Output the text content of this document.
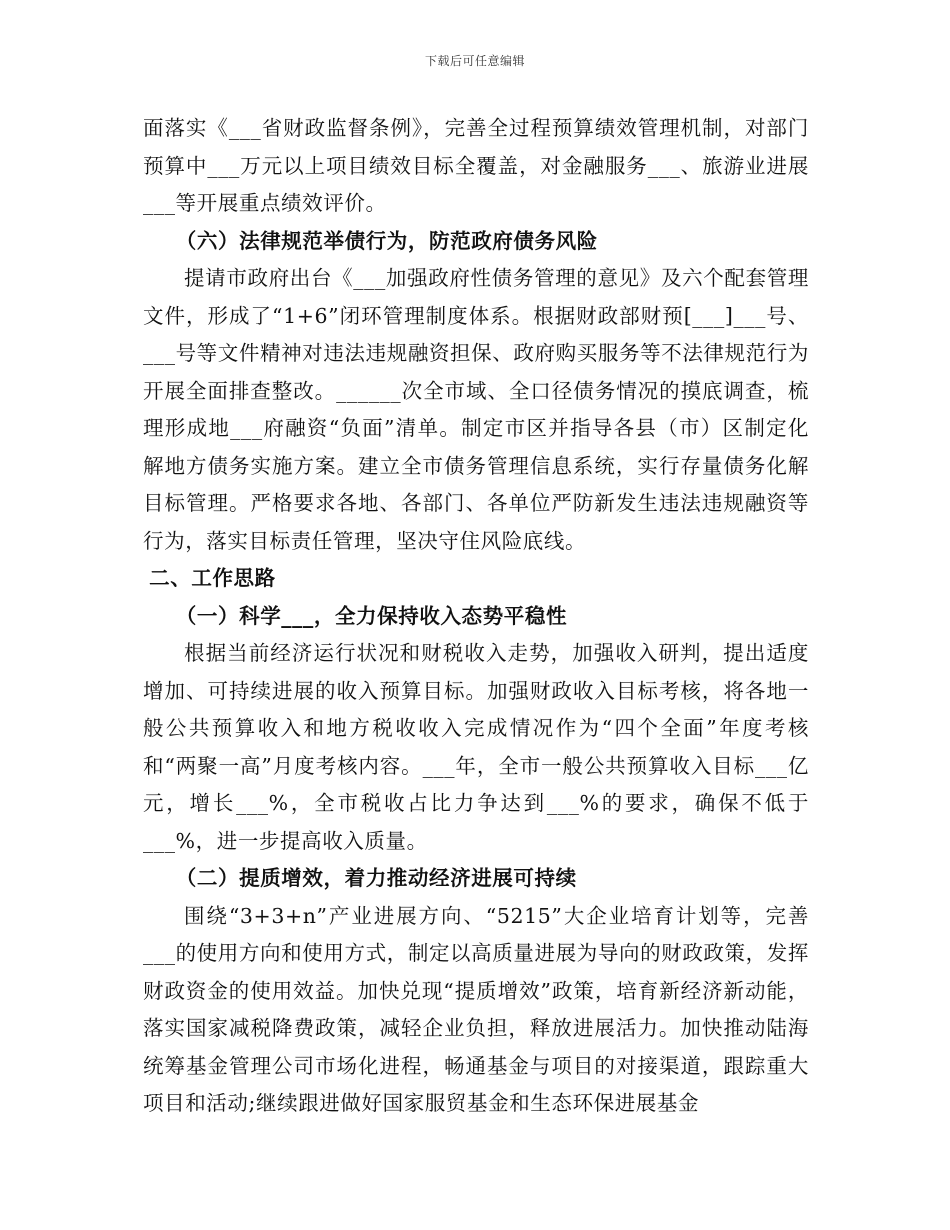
下载后可任意编辑

面落实《___省财政监督条例》，完善全过程预算绩效管理机制，对部门预算中___万元以上项目绩效目标全覆盖，对金融服务___、旅游业进展___等开展重点绩效评价。

（六）法律规范举债行为，防范政府债务风险

提请市政府出台《___加强政府性债务管理的意见》及六个配套管理文件，形成了“1+6”闭环管理制度体系。根据财政部财预[___]___号、___号等文件精神对违法违规融资担保、政府购买服务等不法律规范行为开展全面排查整改。______次全市域、全口径债务情况的摸底调查，梳理形成地___府融资“负面”清单。制定市区并指导各县（市）区制定化解地方债务实施方案。建立全市债务管理信息系统，实行存量债务化解目标管理。严格要求各地、各部门、各单位严防新发生违法违规融资等行为，落实目标责任管理，坚决守住风险底线。

二、工作思路

（一）科学___，全力保持收入态势平稳性

根据当前经济运行状况和财税收入走势，加强收入研判，提出适度增加、可持续进展的收入预算目标。加强财政收入目标考核，将各地一般公共预算收入和地方税收收入完成情况作为“四个全面”年度考核和“两聚一高”月度考核内容。___年，全市一般公共预算收入目标___亿元，增长___%，全市税收占比力争达到___%的要求，确保不低于___%，进一步提高收入质量。

（二）提质增效，着力推动经济进展可持续

围绕“3+3+n”产业进展方向、“5215”大企业培育计划等，完善___的使用方向和使用方式，制定以高质量进展为导向的财政政策，发挥财政资金的使用效益。加快兑现“提质增效”政策，培育新经济新动能，落实国家减税降费政策，减轻企业负担，释放进展活力。加快推动陆海统筹基金管理公司市场化进程，畅通基金与项目的对接渠道，跟踪重大项目和活动;继续跟进做好国家服贸基金和生态环保进展基金
